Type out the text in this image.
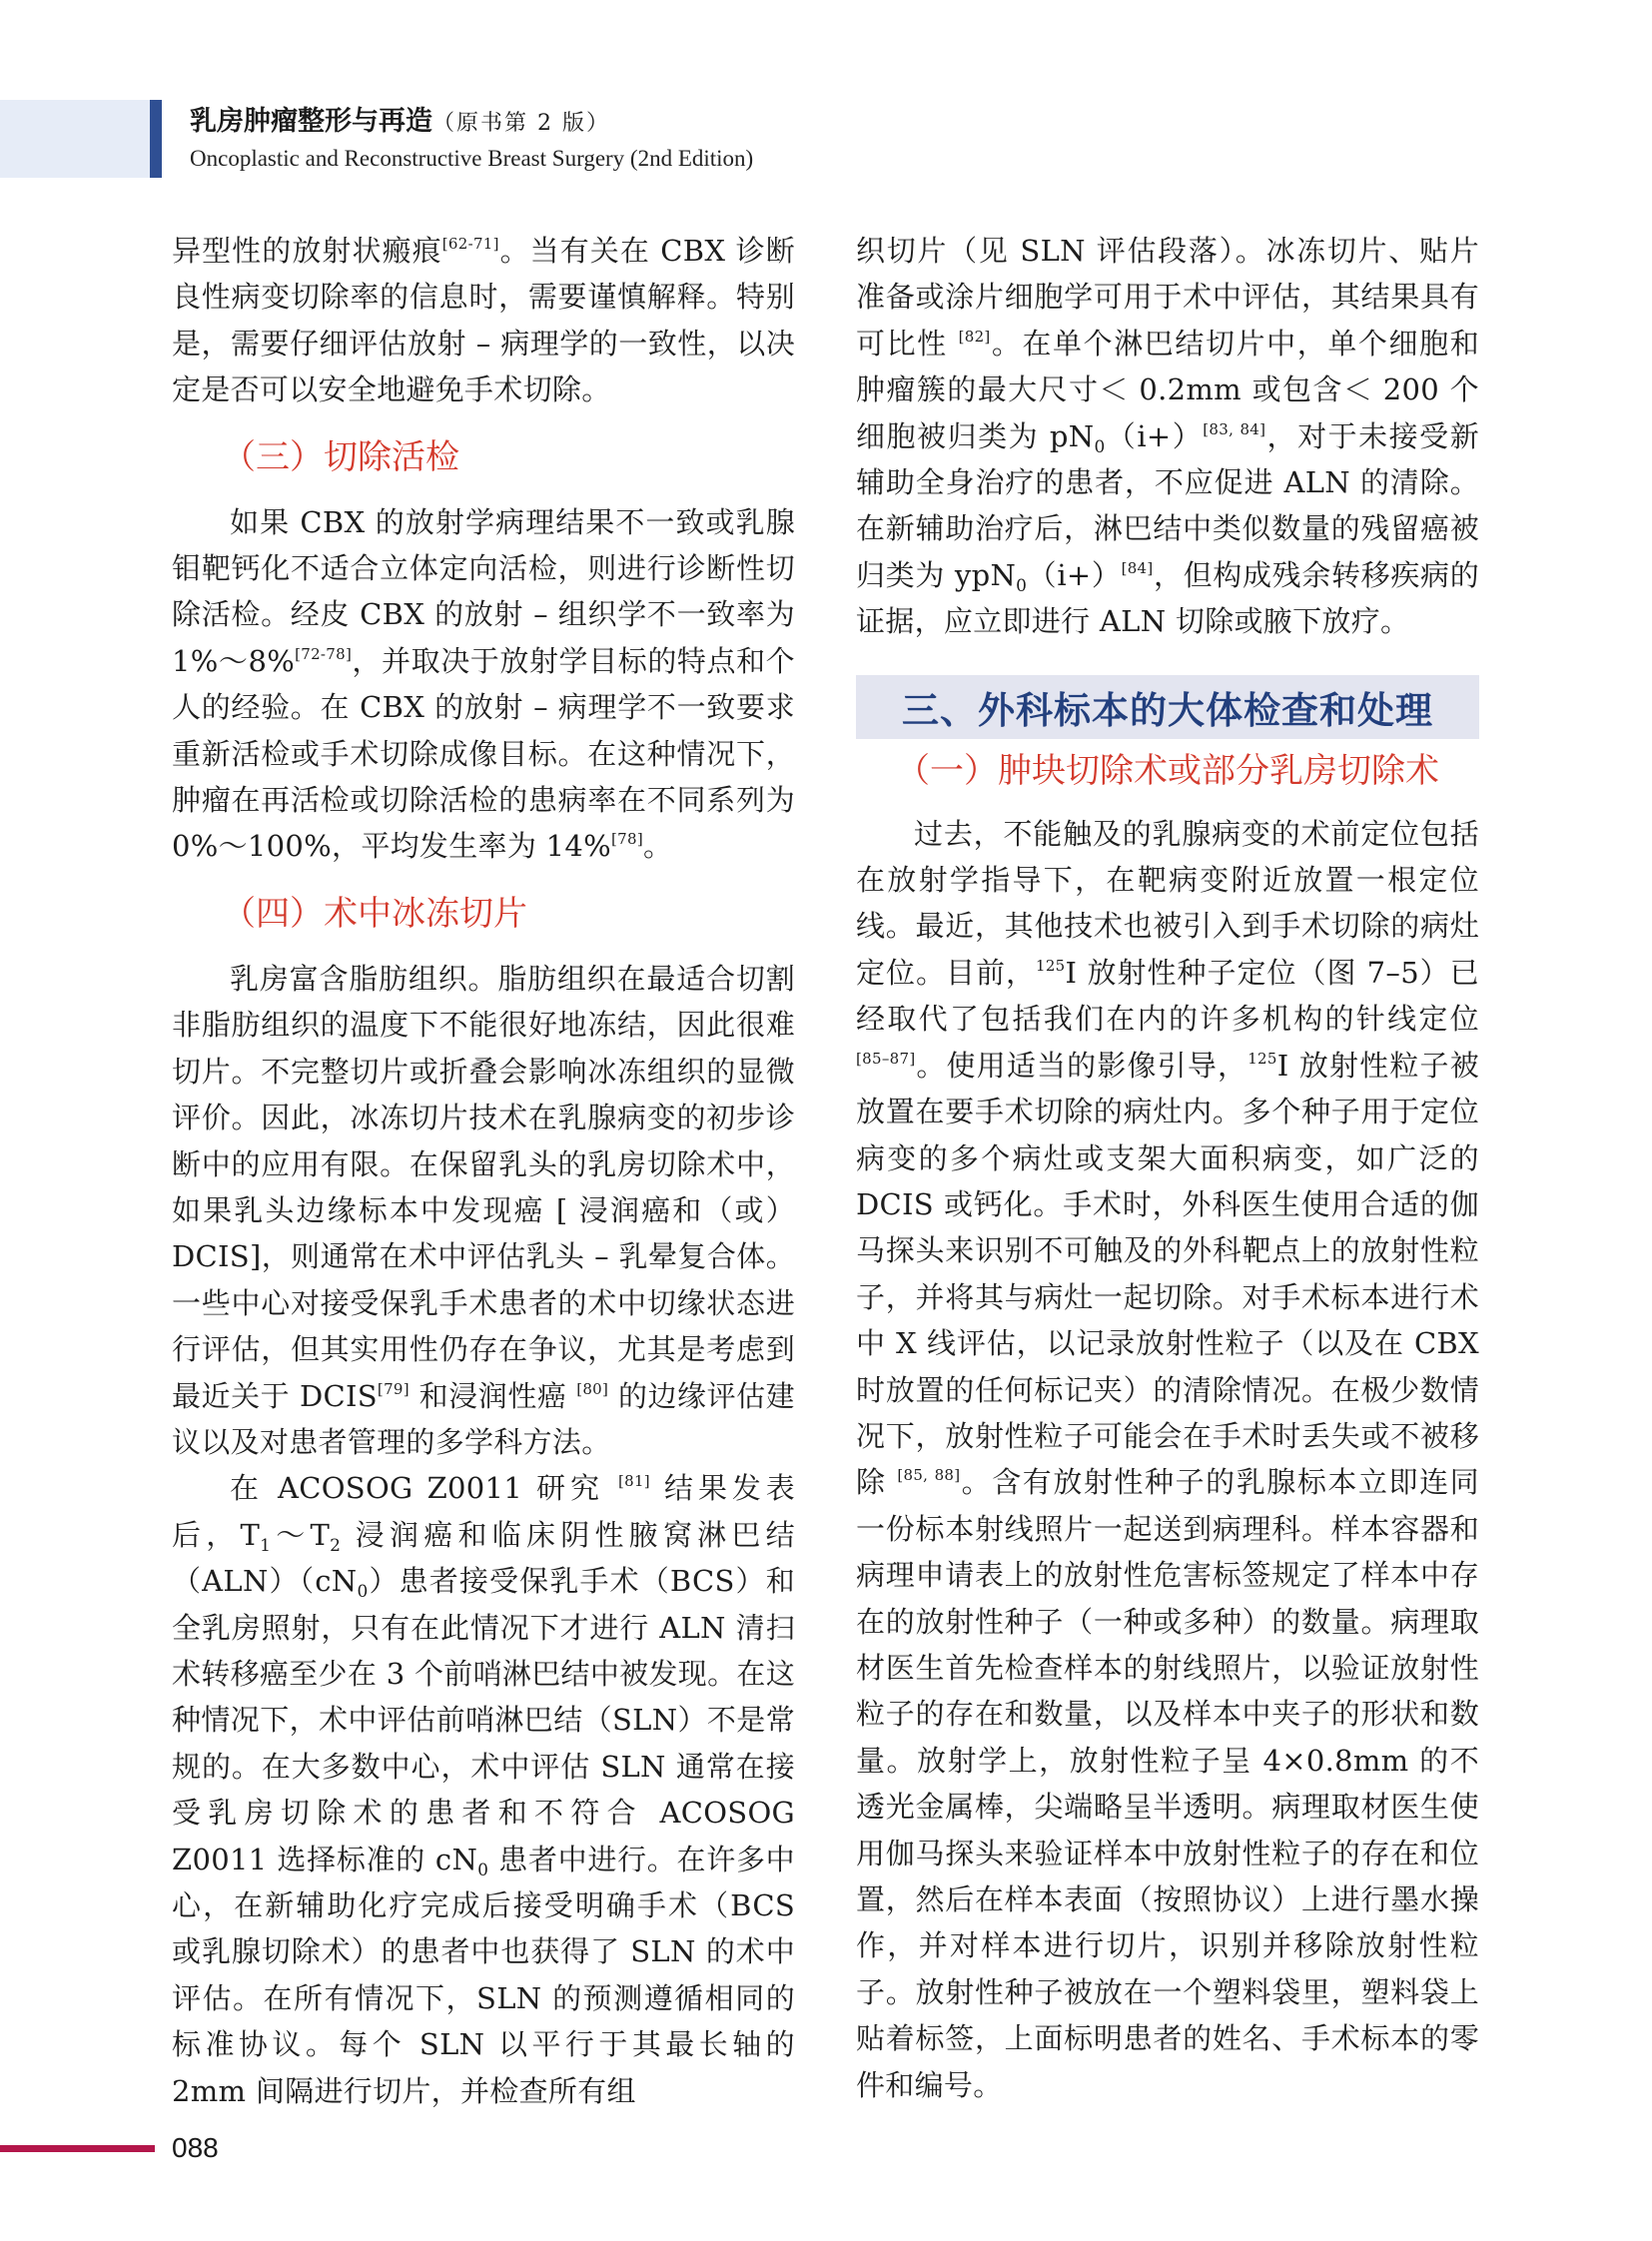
乳房肿瘤整形与再造（原书第 2 版）
Oncoplastic and Reconstructive Breast Surgery (2nd Edition)

异型性的放射状瘢痕[62-71]。当有关在 CBX 诊断良性病变切除率的信息时，需要谨慎解释。特别是，需要仔细评估放射 – 病理学的一致性，以决定是否可以安全地避免手术切除。

（三）切除活检

如果 CBX 的放射学病理结果不一致或乳腺钼靶钙化不适合立体定向活检，则进行诊断性切除活检。经皮 CBX 的放射 – 组织学不一致率为 1%～8%[72-78]，并取决于放射学目标的特点和个人的经验。在 CBX 的放射 – 病理学不一致要求重新活检或手术切除成像目标。在这种情况下，肿瘤在再活检或切除活检的患病率在不同系列为 0%～100%，平均发生率为 14%[78]。

（四）术中冰冻切片

乳房富含脂肪组织。脂肪组织在最适合切割非脂肪组织的温度下不能很好地冻结，因此很难切片。不完整切片或折叠会影响冰冻组织的显微评价。因此，冰冻切片技术在乳腺病变的初步诊断中的应用有限。在保留乳头的乳房切除术中，如果乳头边缘标本中发现癌 [ 浸润癌和（或）DCIS]，则通常在术中评估乳头 – 乳晕复合体。一些中心对接受保乳手术患者的术中切缘状态进行评估，但其实用性仍存在争议，尤其是考虑到最近关于 DCIS[79] 和浸润性癌 [80] 的边缘评估建议以及对患者管理的多学科方法。

在 ACOSOG Z0011 研究 [81] 结果发表后，$T_1\sim T_2$ 浸润癌和临床阴性腋窝淋巴结$(ALN)(cN_0)$患者接受保乳手术（BCS）和全乳房照射，只有在此情况下才进行 ALN 清扫术转移癌至少在 3 个前哨淋巴结中被发现。在这种情况下，术中评估前哨淋巴结（SLN）不是常规的。在大多数中心，术中评估 SLN 通常在接受乳房切除术的患者和不符合 ACOSOG Z0011 选择标准的 $cN_0$ 患者中进行。在许多中心，在新辅助化疗完成后接受明确手术（BCS 或乳腺切除术）的患者中也获得了 SLN 的术中评估。在所有情况下，SLN 的预测遵循相同的标准协议。每个 SLN 以平行于其最长轴的 2mm 间隔进行切片，并检查所有组

织切片（见 SLN 评估段落）。冰冻切片、贴片准备或涂片细胞学可用于术中评估，其结果具有可比性 [82]。在单个淋巴结切片中，单个细胞和肿瘤簇的最大尺寸＜ 0.2mm 或包含＜ 200 个细胞被归类为 $pN_0(i+)[83, 84]$，对于未接受新辅助全身治疗的患者，不应促进 ALN 的清除。在新辅助治疗后，淋巴结中类似数量的残留癌被归类为 ypN$_0$（i+）[84]，但构成残余转移疾病的证据，应立即进行 ALN 切除或腋下放疗。

三、外科标本的大体检查和处理

（一）肿块切除术或部分乳房切除术

过去，不能触及的乳腺病变的术前定位包括在放射学指导下，在靶病变附近放置一根定位线。最近，其他技术也被引入到手术切除的病灶定位。目前，$^{125}$I 放射性种子定位（图 7–5）已经取代了包括我们在内的许多机构的针线定位 [85–87]。使用适当的影像引导，$^{125}$I 放射性粒子被放置在要手术切除的病灶内。多个种子用于定位病变的多个病灶或支架大面积病变，如广泛的 DCIS 或钙化。手术时，外科医生使用合适的伽马探头来识别不可触及的外科靶点上的放射性粒子，并将其与病灶一起切除。对手术标本进行术中 X 线评估，以记录放射性粒子（以及在 CBX 时放置的任何标记夹）的清除情况。在极少数情况下，放射性粒子可能会在手术时丢失或不被移除 [85, 88]。含有放射性种子的乳腺标本立即连同一份标本射线照片一起送到病理科。样本容器和病理申请表上的放射性危害标签规定了样本中存在的放射性种子（一种或多种）的数量。病理取材医生首先检查样本的射线照片，以验证放射性粒子的存在和数量，以及样本中夹子的形状和数量。放射学上，放射性粒子呈 4×0.8mm 的不透光金属棒，尖端略呈半透明。病理取材医生使用伽马探头来验证样本中放射性粒子的存在和位置，然后在样本表面（按照协议）上进行墨水操作，并对样本进行切片，识别并移除放射性粒子。放射性种子被放在一个塑料袋里，塑料袋上贴着标签，上面标明患者的姓名、手术标本的零件和编号。

088
